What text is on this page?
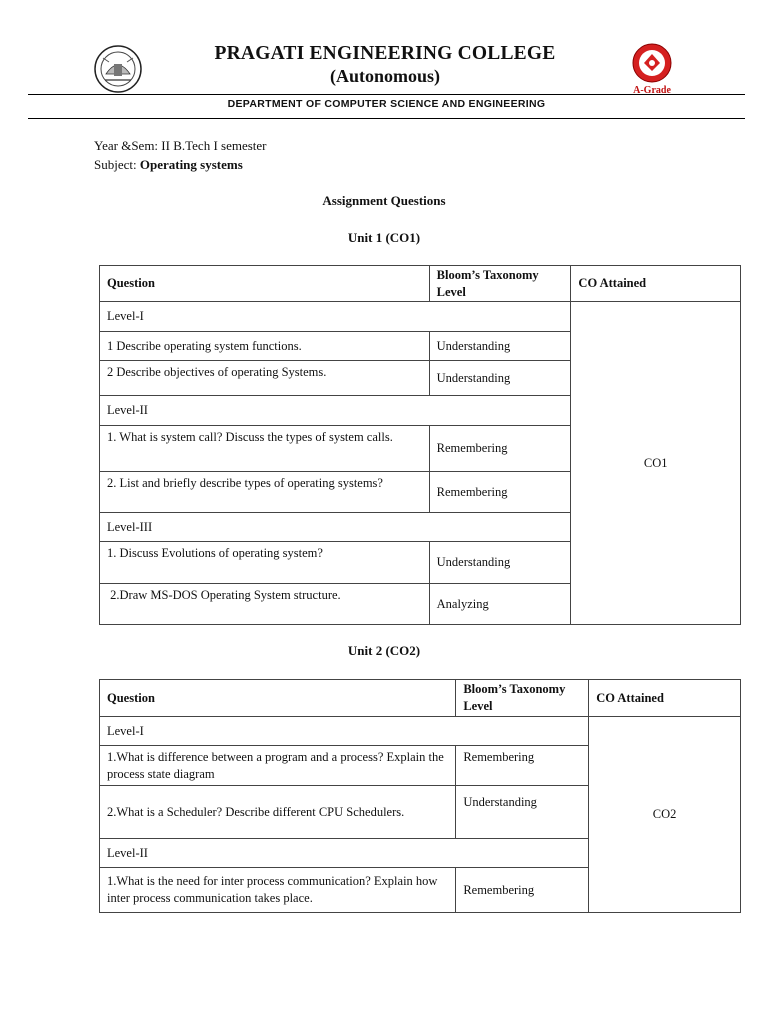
A-Grade
PRAGATI ENGINEERING COLLEGE
(Autonomous)
DEPARTMENT OF COMPUTER SCIENCE AND ENGINEERING
Year &Sem: II B.Tech I semester
Subject: Operating systems
Assignment Questions
Unit 1 (CO1)
Question	Bloom’s Taxonomy Level	CO Attained
Level-I		CO1
1 Describe operating system functions.	Understanding	
2 Describe objectives of operating Systems.	Understanding	
Level-II		
1. What is system call? Discuss the types of system calls.	Remembering	
2. List and briefly describe types of operating systems?	Remembering	
Level-III		
1. Discuss Evolutions of operating system?	Understanding	
2.Draw MS-DOS Operating System structure.	Analyzing	
Unit 2 (CO2)
Question	Bloom’s Taxonomy Level	CO Attained
Level-I		CO2
1.What is difference between a program and a process? Explain the process state diagram	Remembering	
2.What is a Scheduler? Describe different CPU Schedulers.	Understanding	
Level-II		
1.What is the need for inter process communication? Explain how inter process communication takes place.	Remembering	
